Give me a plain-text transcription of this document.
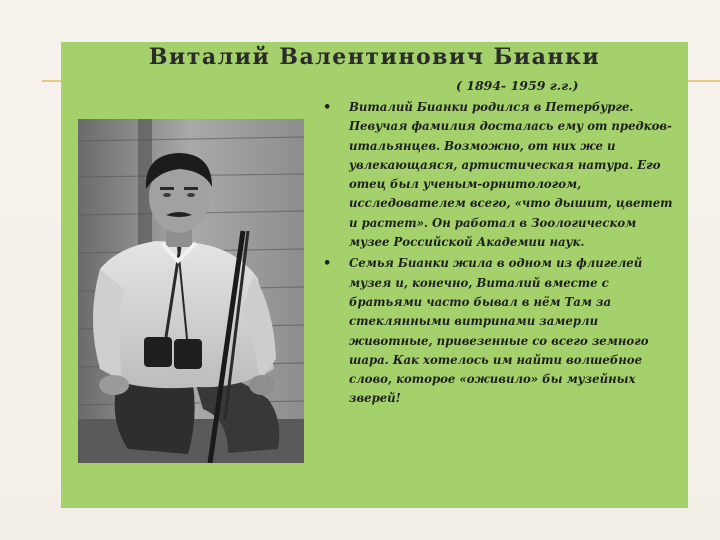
Виталий Валентинович Бианки
( 1894- 1959 г.г.)
• Виталий Бианки родился в Петербурге. Певучая фамилия досталась ему от предков-итальянцев. Возможно, от них же и увлекающаяся, артистическая натура. Его отец был ученым-орнитологом, исследователем всего, «что дышит, цветет и растет». Он работал в Зоологическом музее Российской Академии наук.
• Семья Бианки жила в одном из флигелей музея и, конечно, Виталий вместе с братьями часто бывал в нём Там за стеклянными витринами замерли животные, привезенные со всего земного шара. Как хотелось им найти волшебное слово, которое «оживило» бы музейных зверей!
